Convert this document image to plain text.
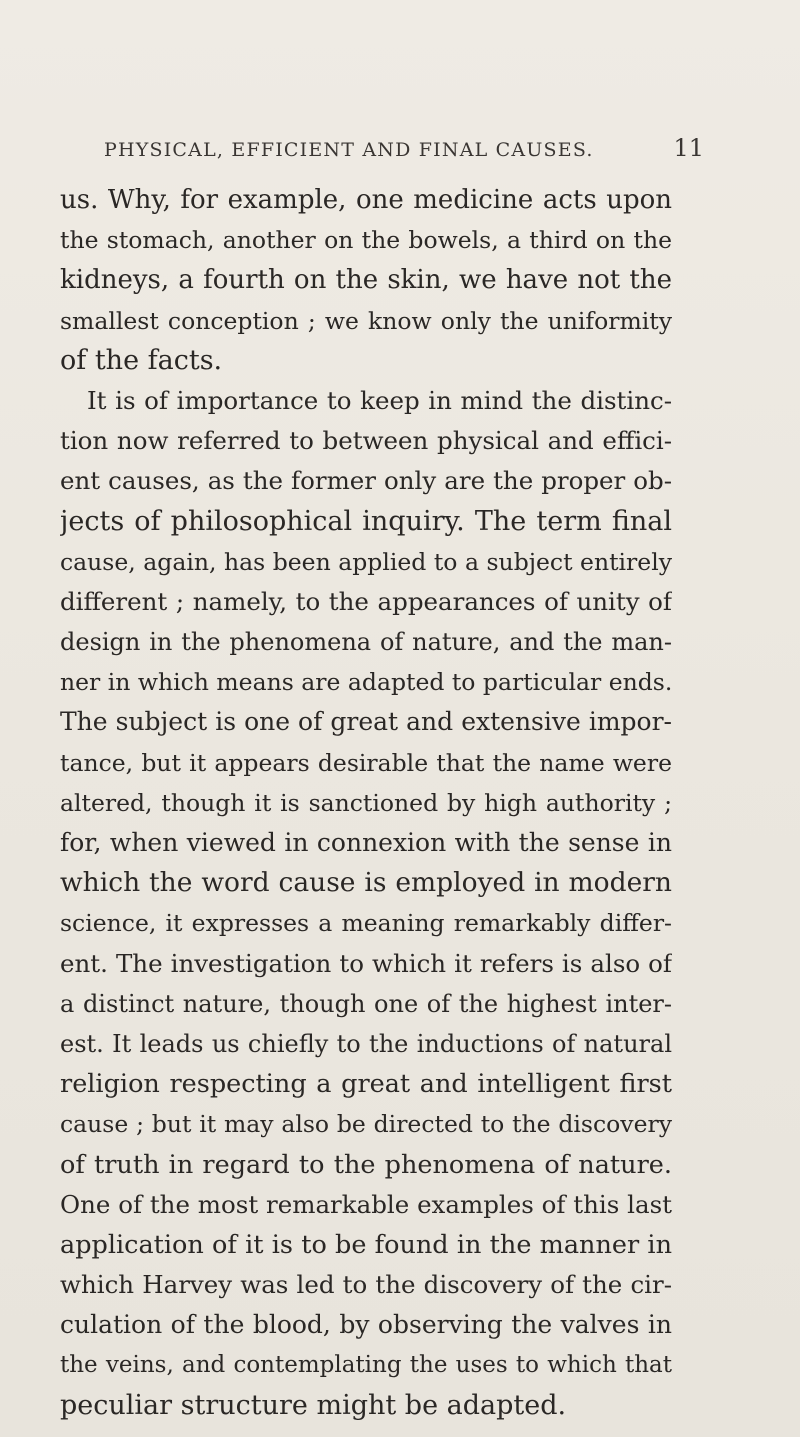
PHYSICAL, EFFICIENT AND FINAL CAUSES.	11
us. Why, for example, one medicine acts upon
the stomach, another on the bowels, a third on the
kidneys, a fourth on the skin, we have not the
smallest conception ; we know only the uniformity
of the facts.
It is of importance to keep in mind the distinc-
tion now referred to between physical and effici-
ent causes, as the former only are the proper ob-
jects of philosophical inquiry. The term final
cause, again, has been applied to a subject entirely
different ; namely, to the appearances of unity of
design in the phenomena of nature, and the man-
ner in which means are adapted to particular ends.
The subject is one of great and extensive impor-
tance, but it appears desirable that the name were
altered, though it is sanctioned by high authority ;
for, when viewed in connexion with the sense in
which the word cause is employed in modern
science, it expresses a meaning remarkably differ-
ent. The investigation to which it refers is also of
a distinct nature, though one of the highest inter-
est. It leads us chiefly to the inductions of natural
religion respecting a great and intelligent first
cause ; but it may also be directed to the discovery
of truth in regard to the phenomena of nature.
One of the most remarkable examples of this last
application of it is to be found in the manner in
which Harvey was led to the discovery of the cir-
culation of the blood, by observing the valves in
the veins, and contemplating the uses to which that
peculiar structure might be adapted.
